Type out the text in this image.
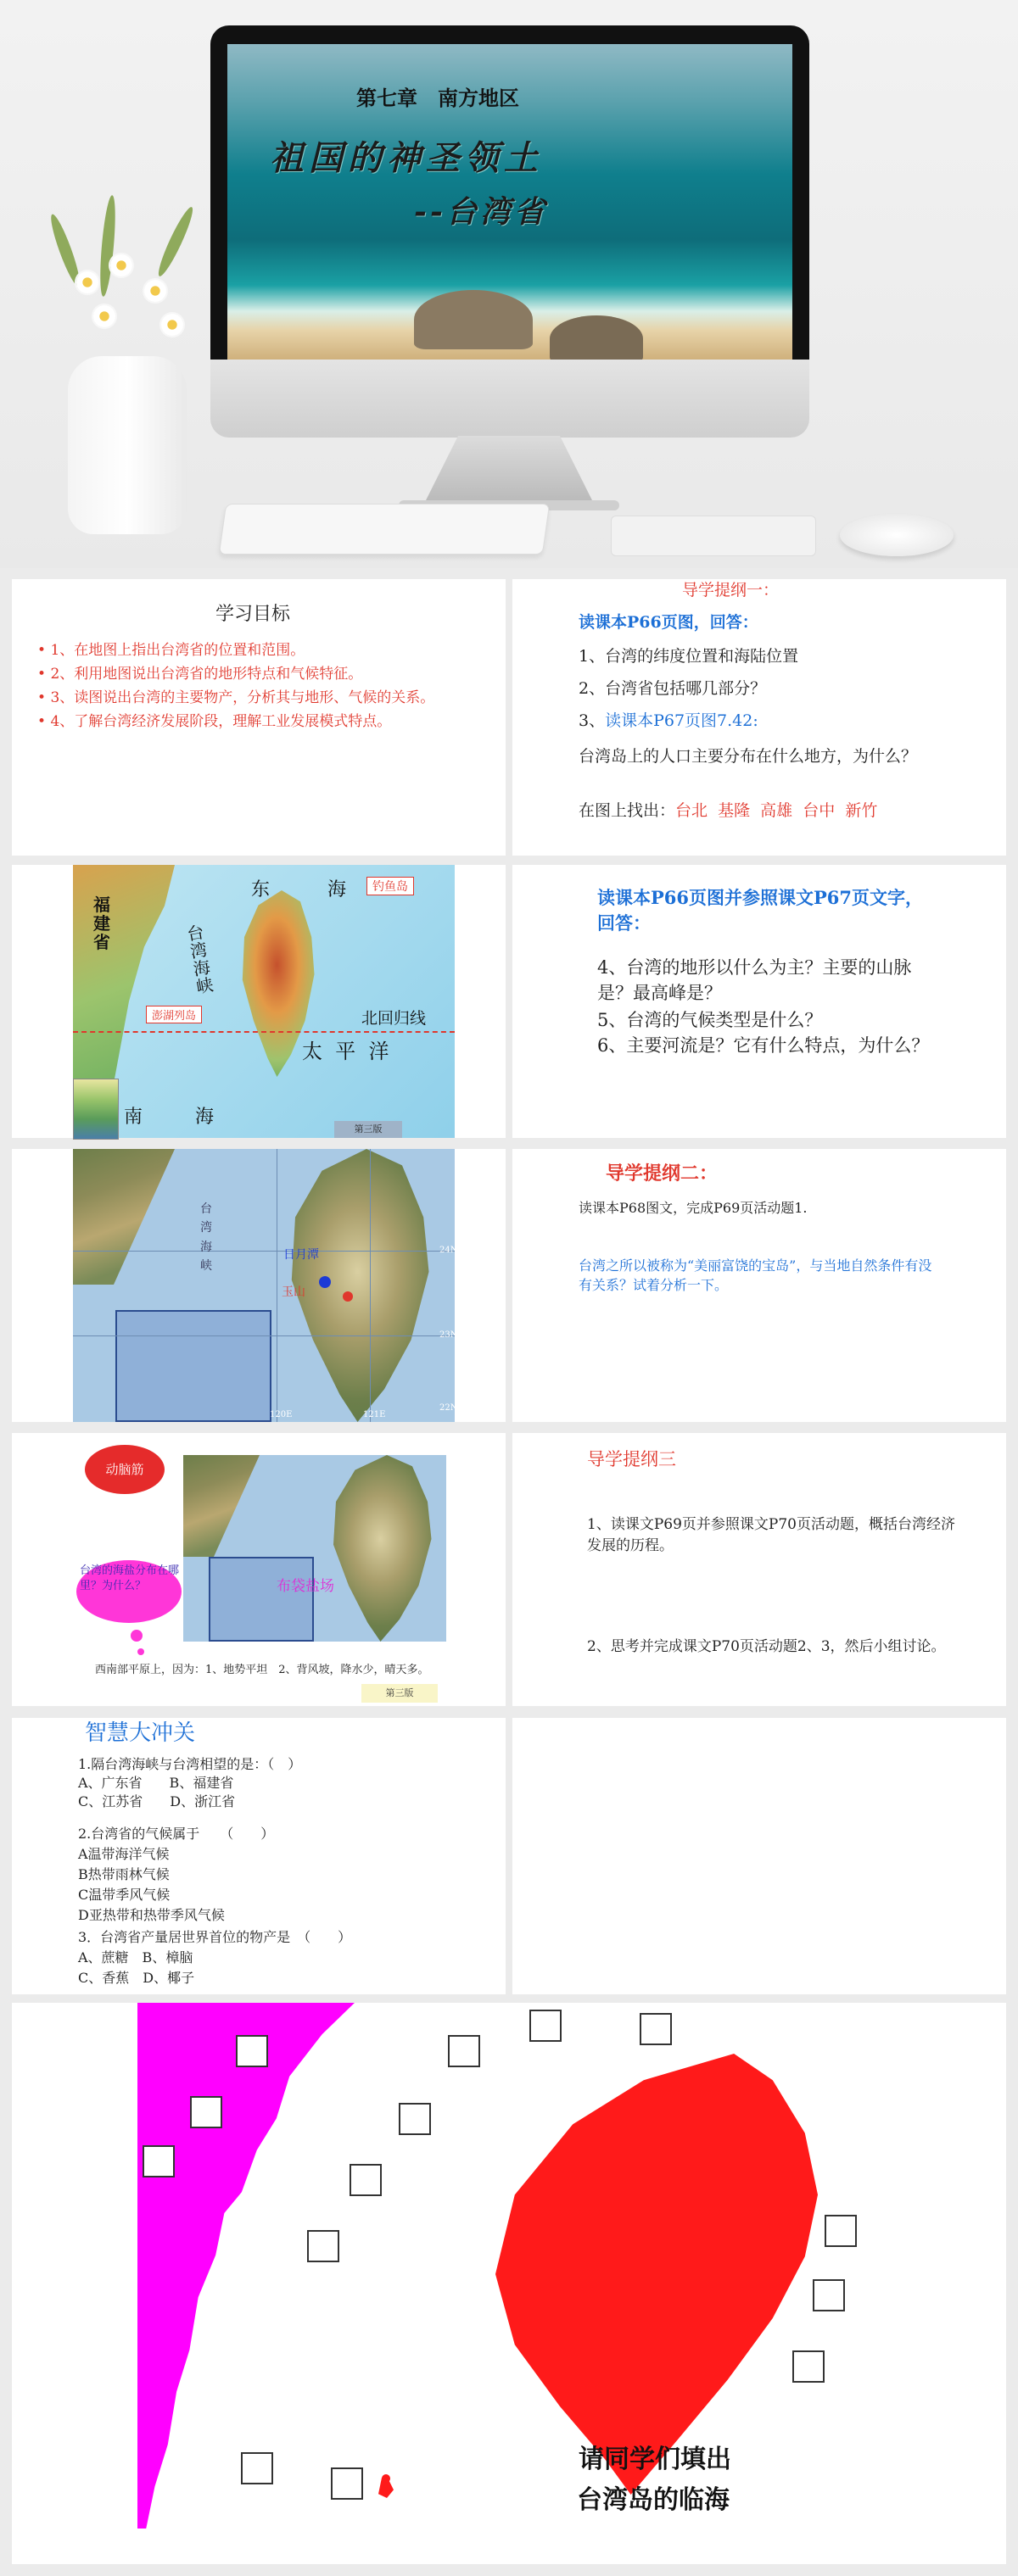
第七章　南方地区
祖国的神圣领土
--台湾省
学习目标
• 1、在地图上指出台湾省的位置和范围。
• 2、利用地图说出台湾省的地形特点和气候特征。
• 3、读图说出台湾的主要物产，分析其与地形、气候的关系。
• 4、了解台湾经济发展阶段，理解工业发展模式特点。
导学提纲一：
读课本P66页图，回答：
1、台湾的纬度位置和海陆位置
2、台湾省包括哪几部分？
3、读课本P67页图7.42:
台湾岛上的人口主要分布在什么地方，为什么？
在图上找出：台北  基隆  高雄  台中  新竹
东	海	钓鱼岛
福建省	台湾海峡
澎湖列岛	北回归线
太  平  洋
南	海
第三版
读课本P66页图并参照课文P67页文字，回答：
4、台湾的地形以什么为主？主要的山脉是？最高峰是？
5、台湾的气候类型是什么？
6、主要河流是？它有什么特点，为什么？
日月潭
玉山
台湾海峡
24N
23N
22N
120E	121E
导学提纲二：
读课本P68图文，完成P69页活动题1.
台湾之所以被称为“美丽富饶的宝岛”，与当地自然条件有没有关系？试着分析一下。
动脑筋
布袋盐场
台湾的海盐分布在哪里？为什么？
西南部平原上，因为：1、地势平坦　2、背风坡，降水少，晴天多。
第三版
导学提纲三
1、读课文P69页并参照课文P70页活动题，概括台湾经济发展的历程。
2、思考并完成课文P70页活动题2、3，然后小组讨论。
智慧大冲关
1.隔台湾海峡与台湾相望的是：（　）
A、广东省　　B、福建省
C、江苏省　　D、浙江省
2.台湾省的气候属于　　（　　）
A温带海洋气候
B热带雨林气候
C温带季风气候
D亚热带和热带季风气候
3．台湾省产量居世界首位的物产是　（　　）
A、蔗糖　B、樟脑
C、香蕉　D、椰子
请同学们填出
台湾岛的临海
